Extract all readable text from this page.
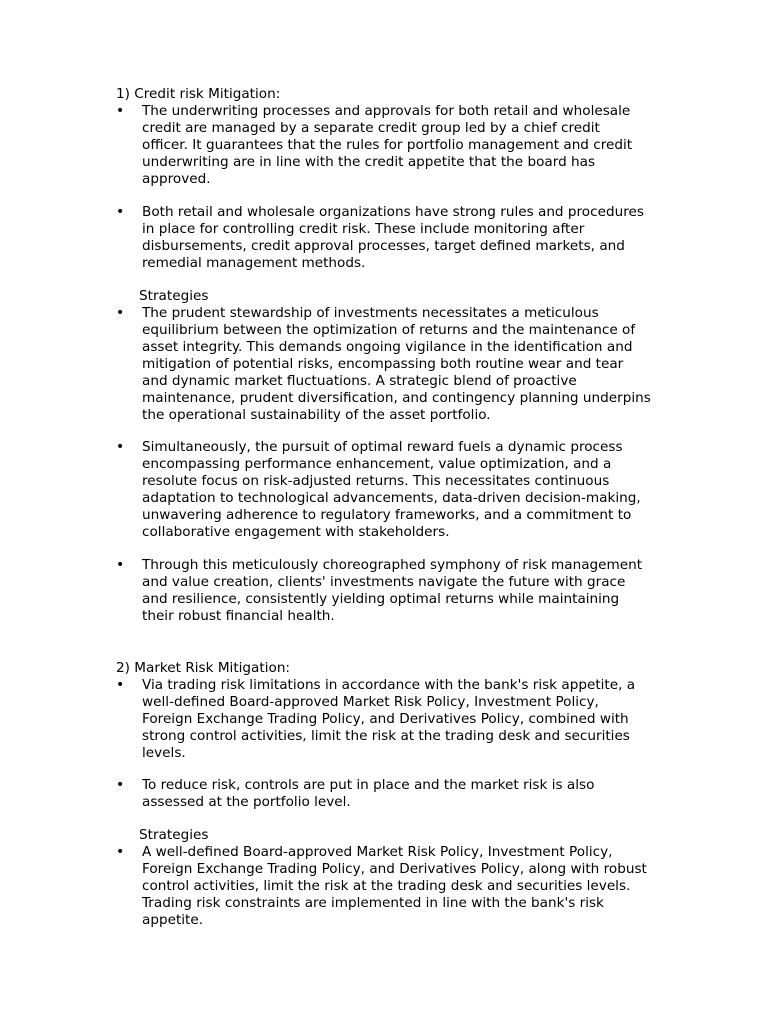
1) Credit risk Mitigation:
• The underwriting processes and approvals for both retail and wholesale
credit are managed by a separate credit group led by a chief credit
officer. It guarantees that the rules for portfolio management and credit
underwriting are in line with the credit appetite that the board has
approved.
• Both retail and wholesale organizations have strong rules and procedures
in place for controlling credit risk. These include monitoring after
disbursements, credit approval processes, target defined markets, and
remedial management methods.
Strategies
• The prudent stewardship of investments necessitates a meticulous
equilibrium between the optimization of returns and the maintenance of
asset integrity. This demands ongoing vigilance in the identification and
mitigation of potential risks, encompassing both routine wear and tear
and dynamic market fluctuations. A strategic blend of proactive
maintenance, prudent diversification, and contingency planning underpins
the operational sustainability of the asset portfolio.
• Simultaneously, the pursuit of optimal reward fuels a dynamic process
encompassing performance enhancement, value optimization, and a
resolute focus on risk-adjusted returns. This necessitates continuous
adaptation to technological advancements, data-driven decision-making,
unwavering adherence to regulatory frameworks, and a commitment to
collaborative engagement with stakeholders.
• Through this meticulously choreographed symphony of risk management
and value creation, clients' investments navigate the future with grace
and resilience, consistently yielding optimal returns while maintaining
their robust financial health.
2) Market Risk Mitigation:
• Via trading risk limitations in accordance with the bank's risk appetite, a
well-defined Board-approved Market Risk Policy, Investment Policy,
Foreign Exchange Trading Policy, and Derivatives Policy, combined with
strong control activities, limit the risk at the trading desk and securities
levels.
• To reduce risk, controls are put in place and the market risk is also
assessed at the portfolio level.
Strategies
• A well-defined Board-approved Market Risk Policy, Investment Policy,
Foreign Exchange Trading Policy, and Derivatives Policy, along with robust
control activities, limit the risk at the trading desk and securities levels.
Trading risk constraints are implemented in line with the bank's risk
appetite.
